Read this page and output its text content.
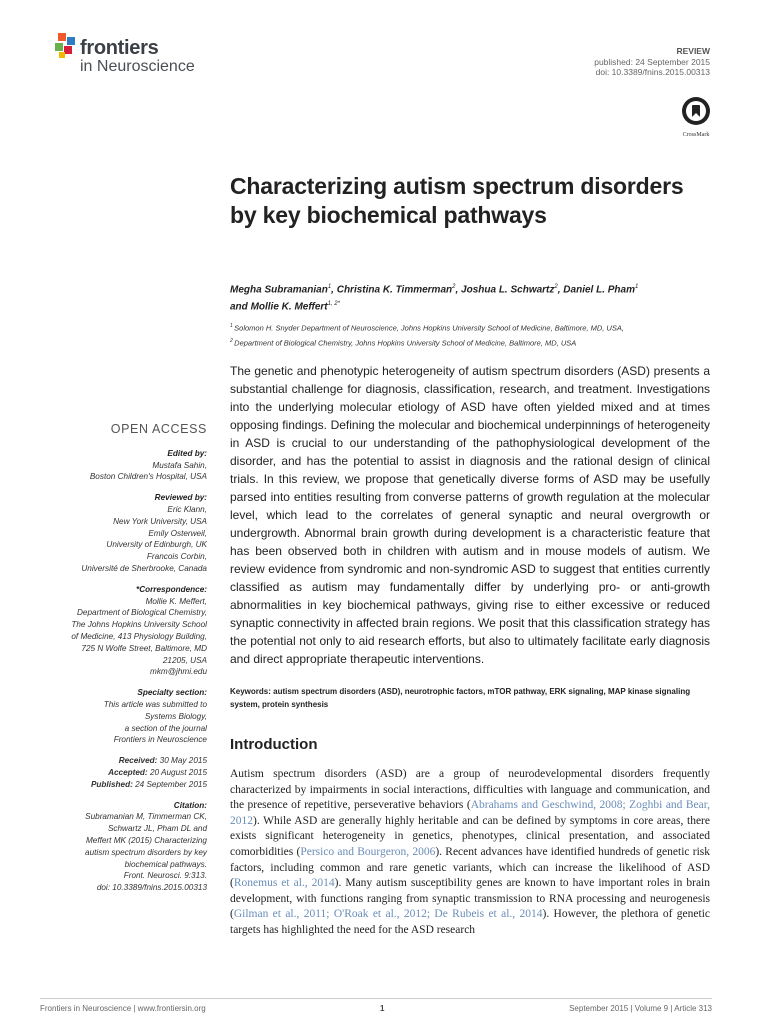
frontiers
in Neuroscience
REVIEW
published: 24 September 2015
doi: 10.3389/fnins.2015.00313
CrossMark
Characterizing autism spectrum disorders by key biochemical pathways
Megha Subramanian$^1$, Christina K. Timmerman$^2$, Joshua L. Schwartz$^2$, Daniel L. Pham$^1$
and Mollie K. Meffert$^{1, 2*}$
$^1$ Solomon H. Snyder Department of Neuroscience, Johns Hopkins University School of Medicine, Baltimore, MD, USA,
$^2$ Department of Biological Chemistry, Johns Hopkins University School of Medicine, Baltimore, MD, USA
The genetic and phenotypic heterogeneity of autism spectrum disorders (ASD) presents a substantial challenge for diagnosis, classification, research, and treatment. Investigations into the underlying molecular etiology of ASD have often yielded mixed and at times opposing findings. Defining the molecular and biochemical underpinnings of heterogeneity in ASD is crucial to our understanding of the pathophysiological development of the disorder, and has the potential to assist in diagnosis and the rational design of clinical trials. In this review, we propose that genetically diverse forms of ASD may be usefully parsed into entities resulting from converse patterns of growth regulation at the molecular level, which lead to the correlates of general synaptic and neural overgrowth or undergrowth. Abnormal brain growth during development is a characteristic feature that has been observed both in children with autism and in mouse models of autism. We review evidence from syndromic and non-syndromic ASD to suggest that entities currently classified as autism may fundamentally differ by underlying pro- or anti-growth abnormalities in key biochemical pathways, giving rise to either excessive or reduced synaptic connectivity in affected brain regions. We posit that this classification strategy has the potential not only to aid research efforts, but also to ultimately facilitate early diagnosis and direct appropriate therapeutic interventions.
Keywords: autism spectrum disorders (ASD), neurotrophic factors, mTOR pathway, ERK signaling, MAP kinase signaling system, protein synthesis
Introduction
Autism spectrum disorders (ASD) are a group of neurodevelopmental disorders frequently characterized by impairments in social interactions, difficulties with language and communication, and the presence of repetitive, perseverative behaviors (Abrahams and Geschwind, 2008; Zoghbi and Bear, 2012). While ASD are generally highly heritable and can be defined by symptoms in core areas, there exists significant heterogeneity in genetics, phenotypes, clinical presentation, and associated comorbidities (Persico and Bourgeron, 2006). Recent advances have identified hundreds of genetic risk factors, including common and rare genetic variants, which can increase the likelihood of ASD (Ronemus et al., 2014). Many autism susceptibility genes are known to have important roles in brain development, with functions ranging from synaptic transmission to RNA processing and neurogenesis (Gilman et al., 2011; O'Roak et al., 2012; De Rubeis et al., 2014). However, the plethora of genetic targets has highlighted the need for the ASD research
OPEN ACCESS
Edited by:
Mustafa Sahin,
Boston Children's Hospital, USA
Reviewed by:
Eric Klann,
New York University, USA
Emily Osterweil,
University of Edinburgh, UK
Francois Corbin,
Université de Sherbrooke, Canada
*Correspondence:
Mollie K. Meffert,
Department of Biological Chemistry,
The Johns Hopkins University School
of Medicine, 413 Physiology Building,
725 N Wolfe Street, Baltimore, MD
21205, USA
mkm@jhmi.edu
Specialty section:
This article was submitted to
Systems Biology,
a section of the journal
Frontiers in Neuroscience
Received: 30 May 2015
Accepted: 20 August 2015
Published: 24 September 2015
Citation:
Subramanian M, Timmerman CK,
Schwartz JL, Pham DL and
Meffert MK (2015) Characterizing
autism spectrum disorders by key
biochemical pathways.
Front. Neurosci. 9:313.
doi: 10.3389/fnins.2015.00313
Frontiers in Neuroscience | www.frontiersin.org	1	September 2015 | Volume 9 | Article 313
